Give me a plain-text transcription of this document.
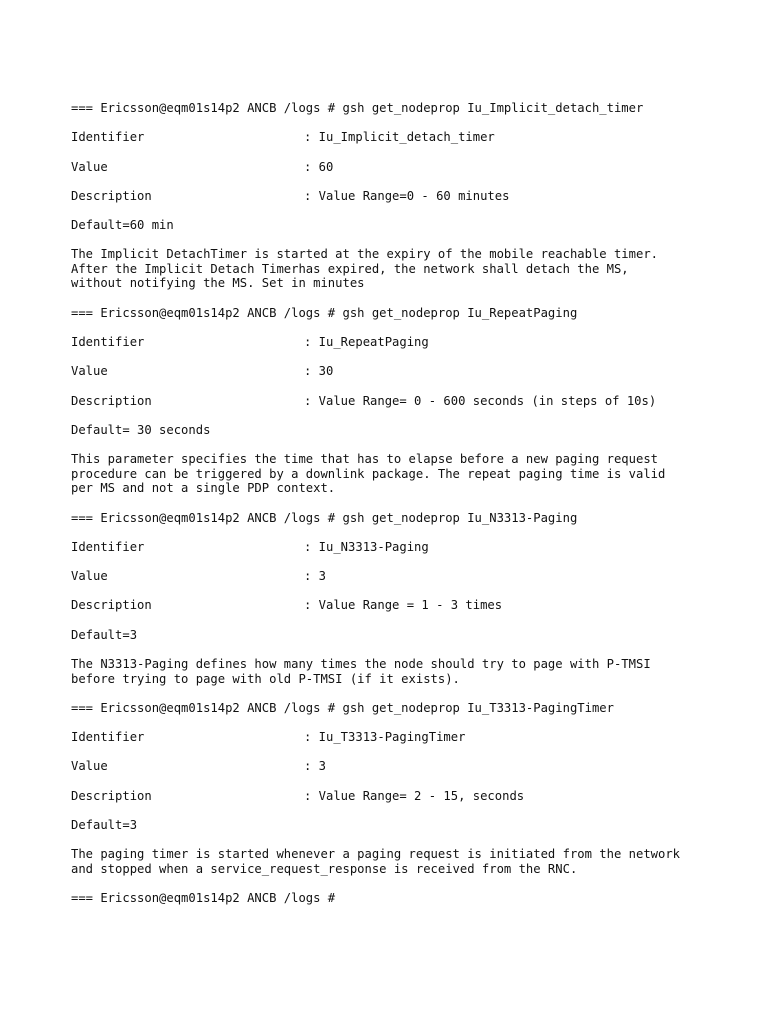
=== Ericsson@eqm01s14p2 ANCB /logs # gsh get_nodeprop Iu_Implicit_detach_timer
Identifier	: Iu_Implicit_detach_timer
Value	: 60
Description	: Value Range=0 - 60 minutes
Default=60 min
The Implicit DetachTimer is started at the expiry of the mobile reachable timer.
After the Implicit Detach Timerhas expired, the network shall detach the MS,
without notifying the MS. Set in minutes
=== Ericsson@eqm01s14p2 ANCB /logs # gsh get_nodeprop Iu_RepeatPaging
Identifier	: Iu_RepeatPaging
Value	: 30
Description	: Value Range= 0 - 600 seconds (in steps of 10s)
Default= 30 seconds
This parameter specifies the time that has to elapse before a new paging request
procedure can be triggered by a downlink package. The repeat paging time is valid
per MS and not a single PDP context.
=== Ericsson@eqm01s14p2 ANCB /logs # gsh get_nodeprop Iu_N3313-Paging
Identifier	: Iu_N3313-Paging
Value	: 3
Description	: Value Range = 1 - 3 times
Default=3
The N3313-Paging defines how many times the node should try to page with P-TMSI
before trying to page with old P-TMSI (if it exists).
=== Ericsson@eqm01s14p2 ANCB /logs # gsh get_nodeprop Iu_T3313-PagingTimer
Identifier	: Iu_T3313-PagingTimer
Value	: 3
Description	: Value Range= 2 - 15, seconds
Default=3
The paging timer is started whenever a paging request is initiated from the network
and stopped when a service_request_response is received from the RNC.
=== Ericsson@eqm01s14p2 ANCB /logs #
